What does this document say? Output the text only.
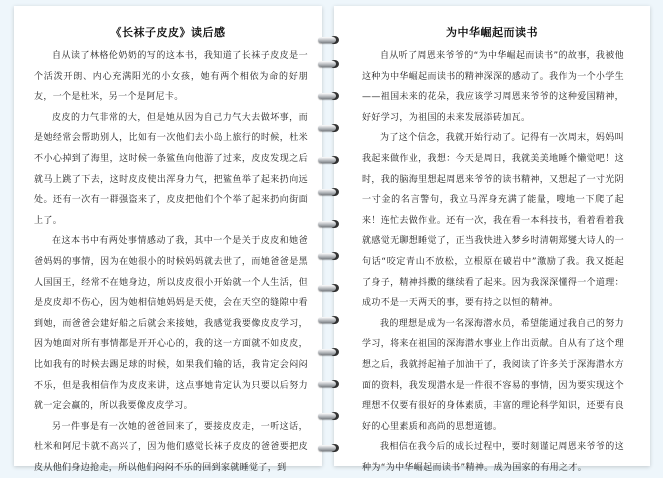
《长袜子皮皮》读后感

自从读了林格伦奶奶的写的这本书，我知道了长袜子皮皮是一个活泼开朗、内心充满阳光的小女孩，她有两个相依为命的好朋友，一个是杜米，另一个是阿尼卡。

皮皮的力气非常的大，但是她从因为自己力气大去做坏事，而是她经常会帮助别人，比如有一次他们去小岛上旅行的时候，杜米不小心掉到了海里，这时候一条鲨鱼向他游了过来，皮皮发现之后就马上跳了下去，这时皮皮使出浑身力气，把鲨鱼举了起来扔向远处。还有一次有一群强盗来了，皮皮把他们个个举了起来扔向街面上了。

在这本书中有两处事情感动了我，其中一个是关于皮皮和她爸爸妈妈的事情，因为在她很小的时候妈妈就去世了，而她爸爸是黑人国国王，经常不在她身边，所以皮皮很小开始就一个人生活，但是皮皮却不伤心，因为她相信她妈妈是天使，会在天空的缝隙中看到她，而爸爸会建好船之后就会来接她，我感觉我要像皮皮学习，因为她面对所有事情都是开开心心的，我的这一方面就不如皮皮，比如我有的时候去踢足球的时候，如果我们输的话，我肯定会闷闷不乐，但是我相信作为皮皮来讲，这点事她肯定认为只要以后努力就一定会赢的，所以我要像皮皮学习。

另一件事是有一次她的爸爸回来了，要接皮皮走，一听这话，杜米和阿尼卡就不高兴了，因为他们感觉长袜子皮皮的爸爸要把皮皮从他们身边抢走，所以他们闷闷不乐的回到家就睡觉了，到

为中华崛起而读书

自从听了周恩来爷爷的“为中华崛起而读书”的故事，我被他这种为中华崛起而读书的精神深深的感动了。我作为一个小学生——祖国未来的花朵，我应该学习周恩来爷爷的这种爱国精神，好好学习，为祖国的未来发展添砖加瓦。

为了这个信念，我就开始行动了。记得有一次周末，妈妈叫我起来做作业，我想：今天是周日，我就美美地睡个懒觉吧！这时，我的脑海里想起周恩来爷爷的读书精神，又想起了一寸光阴一寸金的名言警句，我立马浑身充满了能量，嗖地一下爬了起来！连忙去做作业。还有一次，我在看一本科技书，看着看着我就感觉无聊想睡觉了，正当我快进入梦乡时清朝郑燮大诗人的一句话“咬定青山不放松，立根原在破岩中”激励了我。我又挺起了身子，精神抖擞的继续看了起来。因为我深深懂得一个道理：成功不是一天两天的事，要有持之以恒的精神。

我的理想是成为一名深海潜水员，希望能通过我自己的努力学习，将来在祖国的深海潜水事业上作出贡献。自从有了这个理想之后，我就捋起袖子加油干了，我阅读了许多关于深海潜水方面的资料，我发现潜水是一件很不容易的事情，因为要实现这个理想不仅要有很好的身体素质，丰富的理论科学知识，还要有良好的心里素质和高尚的思想道德。

我相信在我今后的成长过程中，要时刻谨记周恩来爷爷的这种为“为中华崛起而读书”精神。成为国家的有用之才。
